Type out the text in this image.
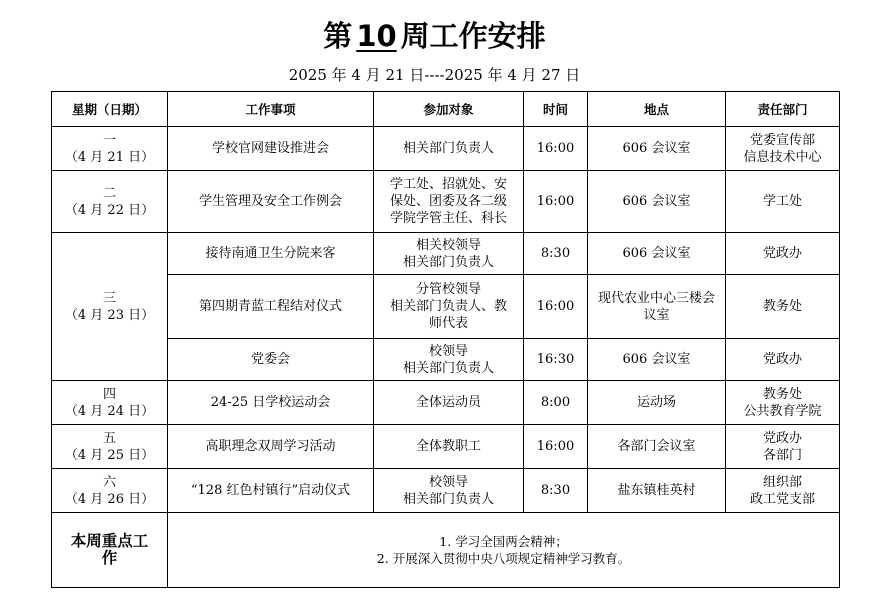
第 10 周工作安排
2025 年 4 月 21 日----2025 年 4 月 27 日
星期（日期）	工作事项	参加对象	时间	地点	责任部门

一
（4 月 21 日）	学校官网建设推进会	相关部门负责人	16:00	606 会议室	党委宣传部
信息技术中心

二
（4 月 22 日）	学生管理及安全工作例会	学工处、招就处、安
保处、团委及各二级
学院学管主任、科长	16:00	606 会议室	学工处

三
（4 月 23 日）	接待南通卫生分院来客	相关校领导
相关部门负责人	8:30	606 会议室	党政办

	第四期青蓝工程结对仪式	分管校领导
相关部门负责人、教
师代表	16:00	现代农业中心三楼会
议室	教务处

	党委会	校领导
相关部门负责人	16:30	606 会议室	党政办

四
（4 月 24 日）	24-25 日学校运动会	全体运动员	8:00	运动场	教务处
公共教育学院

五
（4 月 25 日）	高职理念双周学习活动	全体教职工	16:00	各部门会议室	党政办
各部门

六
（4 月 26 日）	“128 红色村镇行”启动仪式	校领导
相关部门负责人	8:30	盐东镇桂英村	组织部
政工党支部

本周重点工
作	1. 学习全国两会精神；
2. 开展深入贯彻中央八项规定精神学习教育。				
